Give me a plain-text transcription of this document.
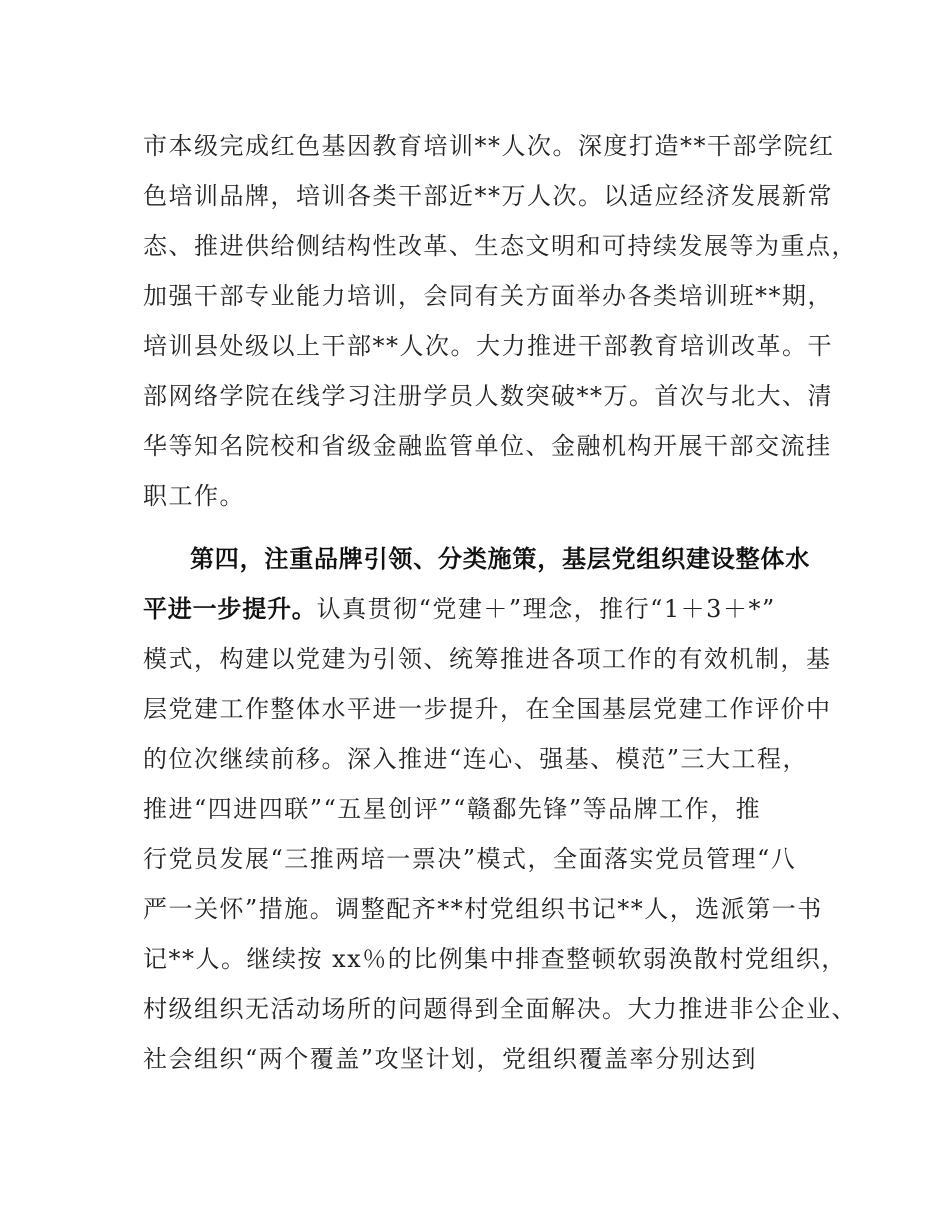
市本级完成红色基因教育培训**人次。深度打造**干部学院红
色培训品牌，培训各类干部近**万人次。以适应经济发展新常
态、推进供给侧结构性改革、生态文明和可持续发展等为重点，
加强干部专业能力培训，会同有关方面举办各类培训班**期，
培训县处级以上干部**人次。大力推进干部教育培训改革。干
部网络学院在线学习注册学员人数突破**万。首次与北大、清
华等知名院校和省级金融监管单位、金融机构开展干部交流挂
职工作。
第四，注重品牌引领、分类施策，基层党组织建设整体水
平进一步提升。认真贯彻“党建＋”理念，推行“1＋3＋*”
模式，构建以党建为引领、统筹推进各项工作的有效机制，基
层党建工作整体水平进一步提升，在全国基层党建工作评价中
的位次继续前移。深入推进“连心、强基、模范”三大工程，
推进“四进四联”“五星创评”“赣鄱先锋”等品牌工作，推
行党员发展“三推两培一票决”模式，全面落实党员管理“八
严一关怀”措施。调整配齐**村党组织书记**人，选派第一书
记**人。继续按 xx％的比例集中排查整顿软弱涣散村党组织，
村级组织无活动场所的问题得到全面解决。大力推进非公企业、
社会组织“两个覆盖”攻坚计划，党组织覆盖率分别达到
